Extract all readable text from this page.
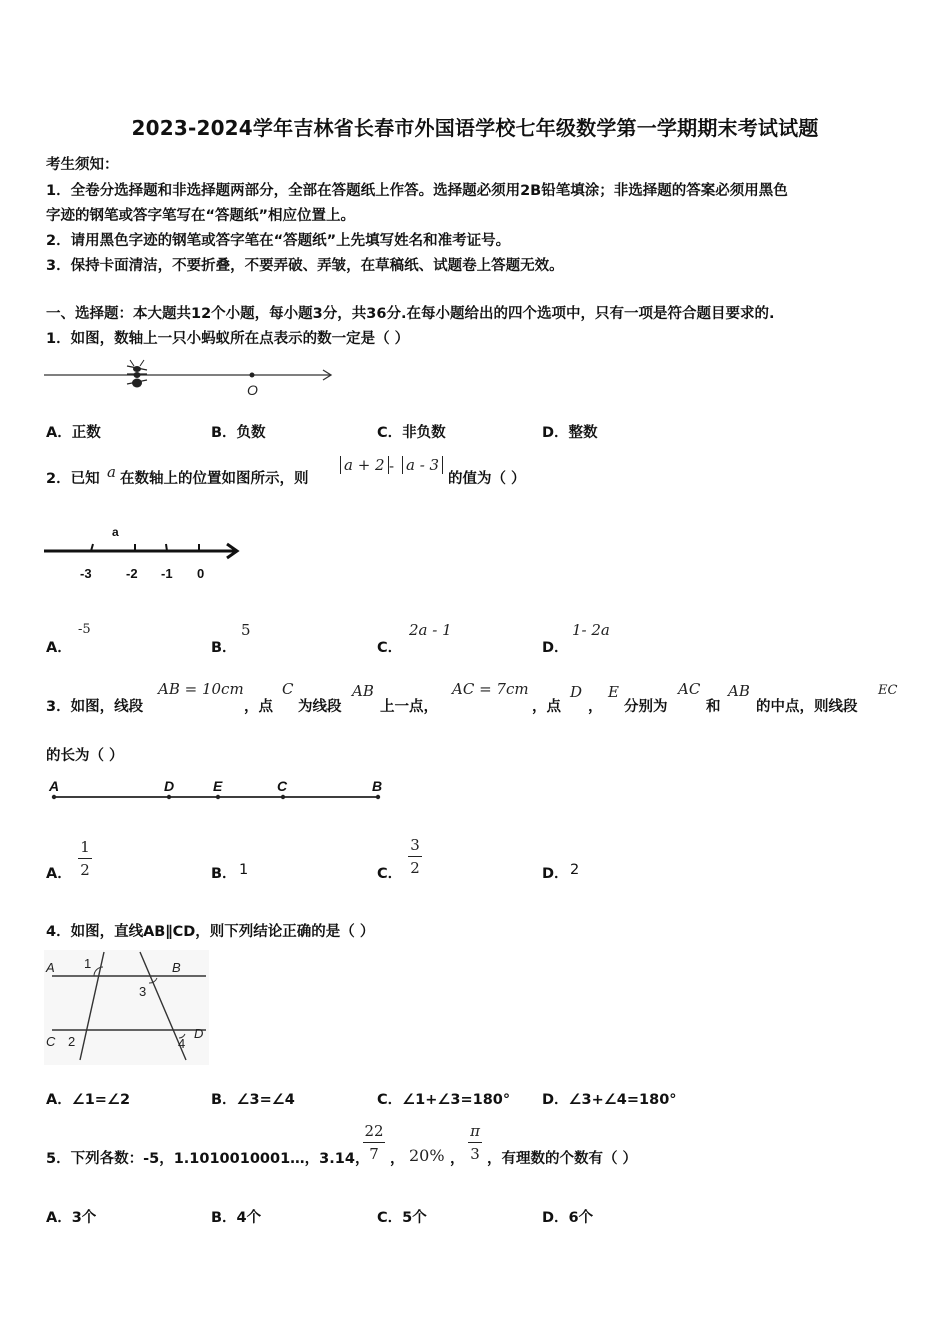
2023-2024学年吉林省长春市外国语学校七年级数学第一学期期末考试试题
考生须知：
1．全卷分选择题和非选择题两部分，全部在答题纸上作答。选择题必须用2B铅笔填涂；非选择题的答案必须用黑色
字迹的钢笔或答字笔写在“答题纸”相应位置上。
2．请用黑色字迹的钢笔或答字笔在“答题纸”上先填写姓名和准考证号。
3．保持卡面清洁，不要折叠，不要弄破、弄皱，在草稿纸、试题卷上答题无效。
一、选择题：本大题共12个小题，每小题3分，共36分.在每小题给出的四个选项中，只有一项是符合题目要求的.
1．如图，数轴上一只小蚂蚁所在点表示的数一定是（ ）
O
A．正数	B．负数	C．非负数	D．整数
2．已知 a 在数轴上的位置如图所示，则
a + 2 - a - 3
的值为（ ）
a
-3	-2 -1 0
A．
-5
B．
5
C．
2a - 1
D．
1- 2a
3．如图，线段
AB = 10cm
，点
C
为线段
AB
上一点，
AC = 7cm
，点
D
，
E
分别为
AC
和
AB
的中点，则线段
EC
的长为（ ）
A	D	E	C	B
A．
1
2	B． 1	C．
3
2	D． 2
4．如图，直线AB∥CD，则下列结论正确的是（ ）
A	B
C
D
1
2
3
4
A．∠1=∠2	B．∠3=∠4	C．∠1+∠3=180° D．∠3+∠4=180°
5．下列各数：-5，1.1010010001…，3.14，
22
7 ， 20% ，
π
3 ，有理数的个数有（ ）
A．3个	B．4个	C．5个	D．6个
